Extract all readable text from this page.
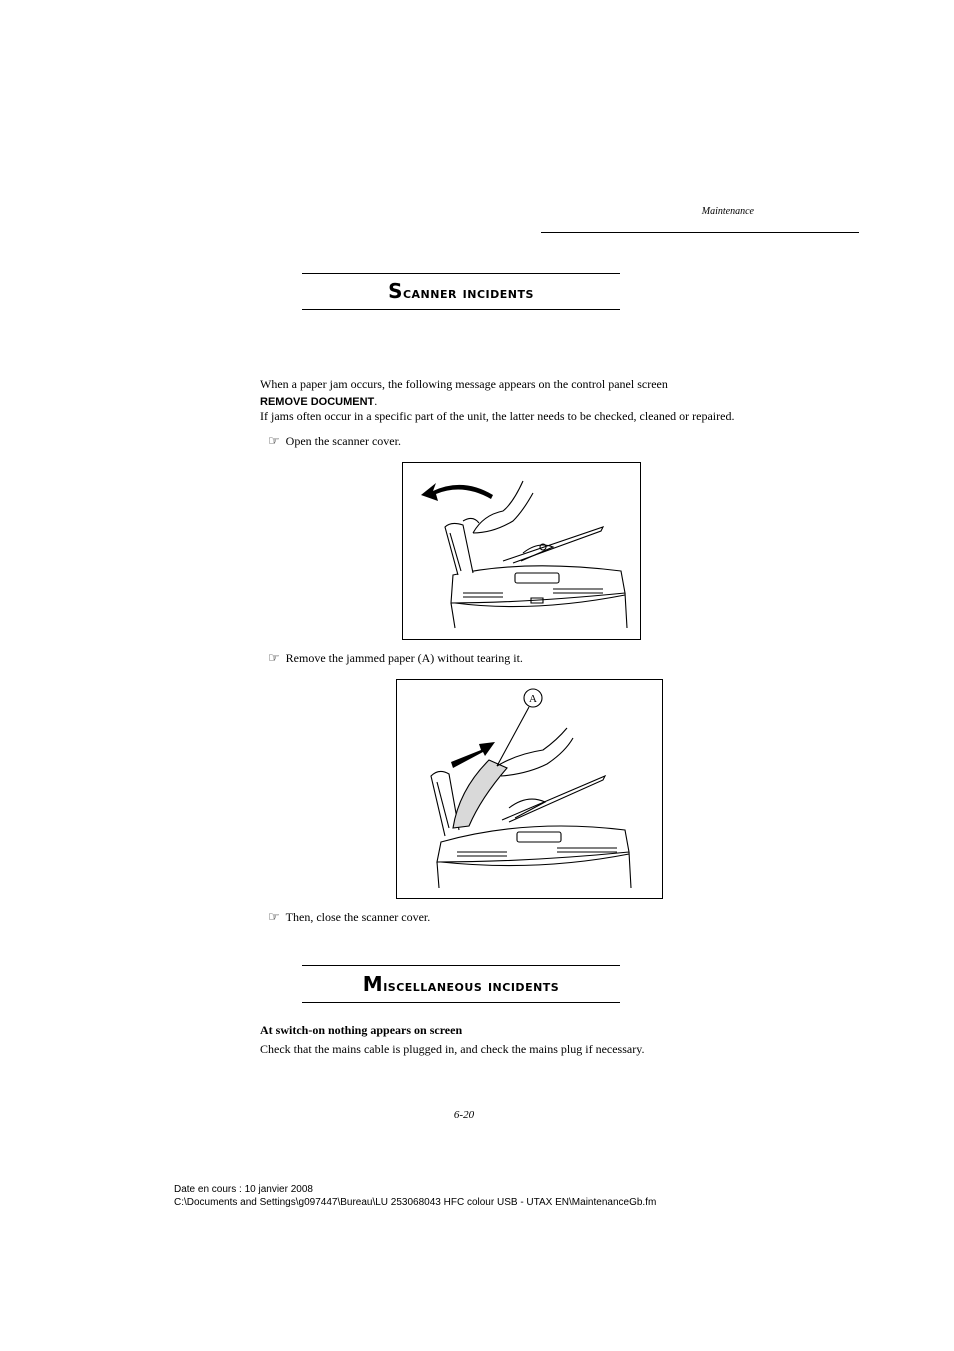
Maintenance
Scanner incidents
When a paper jam occurs, the following message appears on the control panel screen
REMOVE DOCUMENT.
If jams often occur in a specific part of the unit, the latter needs to be checked, cleaned or repaired.
☞ Open the scanner cover.
☞ Remove the jammed paper (A) without tearing it.
A
☞ Then, close the scanner cover.
Miscellaneous incidents
At switch-on nothing appears on screen
Check that the mains cable is plugged in, and check the mains plug if necessary.
6-20
Date en cours : 10 janvier 2008
C:\Documents and Settings\g097447\Bureau\LU 253068043 HFC colour USB - UTAX EN\MaintenanceGb.fm
